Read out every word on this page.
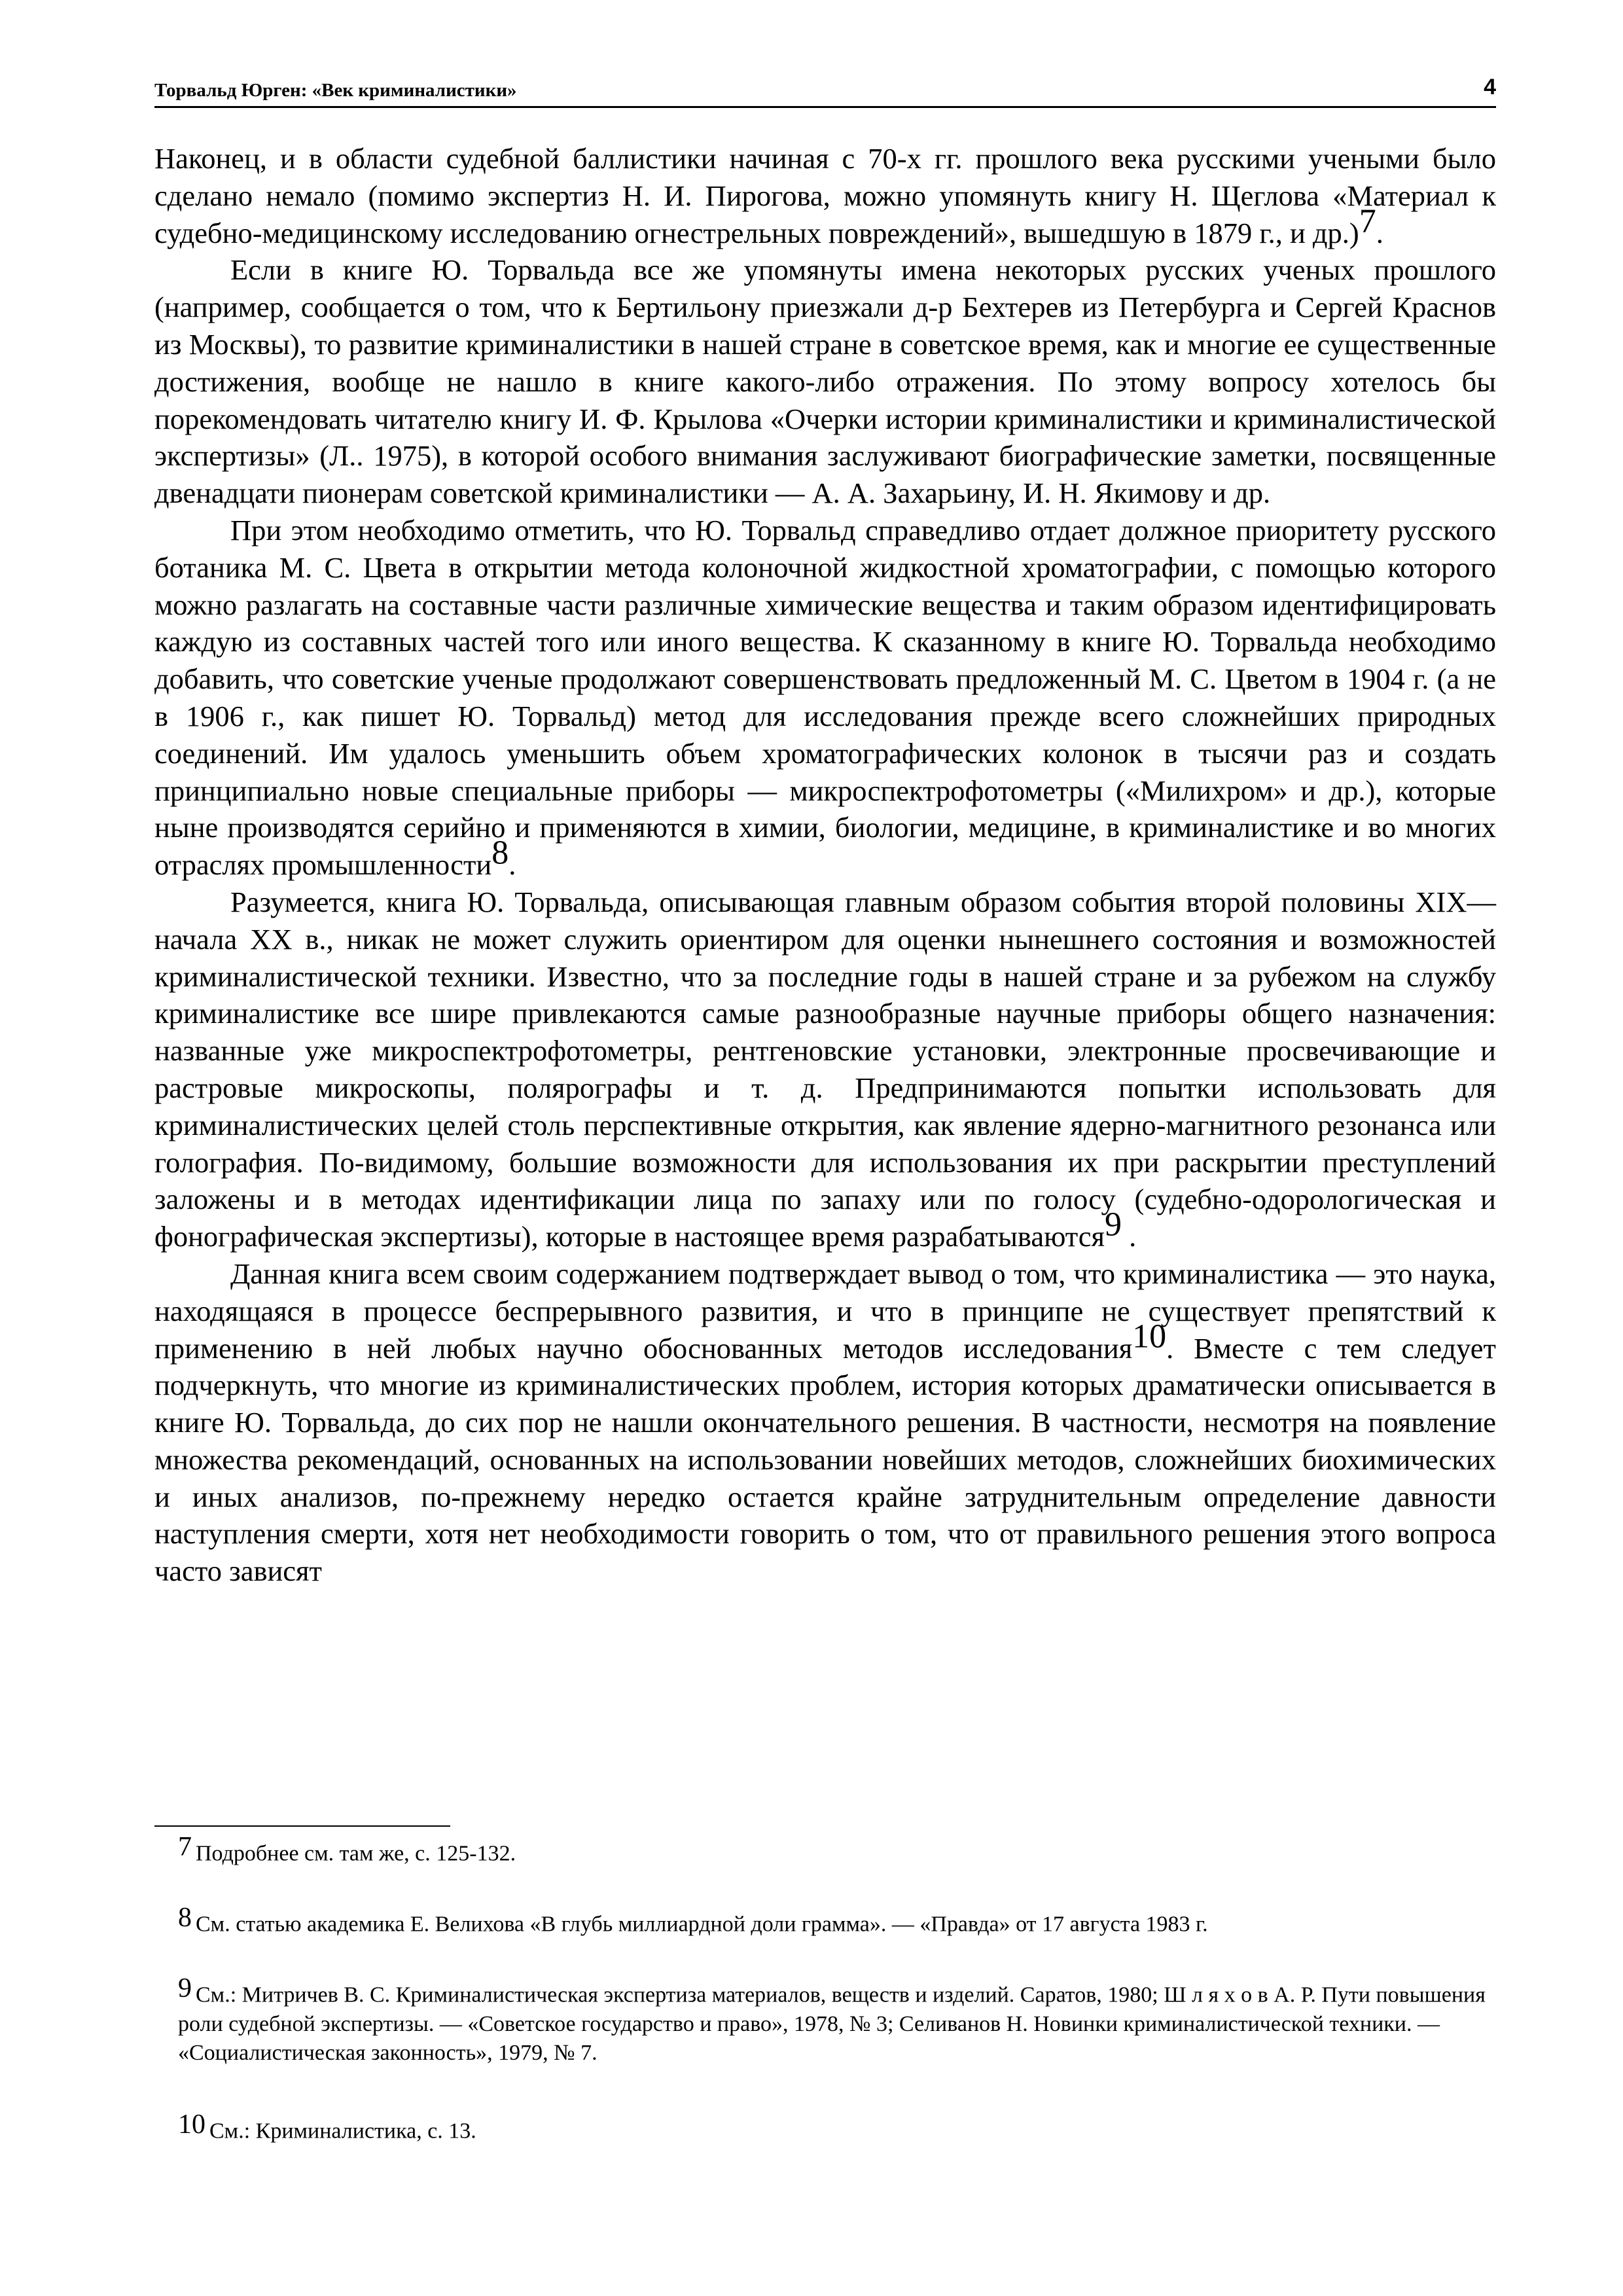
Торвальд Юрген: «Век криминалистики»	4

Наконец, и в области судебной баллистики начиная с 70-х гг. прошлого века русскими учеными было сделано немало (помимо экспертиз Н. И. Пирогова, можно упомянуть книгу Н. Щеглова «Материал к судебно-медицинскому исследованию огнестрельных повреждений», вышедшую в 1879 г., и др.)$^7$.

Если в книге Ю. Торвальда все же упомянуты имена некоторых русских ученых прошлого (например, сообщается о том, что к Бертильону приезжали д-р Бехтерев из Петербурга и Сергей Краснов из Москвы), то развитие криминалистики в нашей стране в советское время, как и многие ее существенные достижения, вообще не нашло в книге какого-либо отражения. По этому вопросу хотелось бы порекомендовать читателю книгу И. Ф. Крылова «Очерки истории криминалистики и криминалистической экспертизы» (Л.. 1975), в которой особого внимания заслуживают биографические заметки, посвященные двенадцати пионерам советской криминалистики — А. А. Захарьину, И. Н. Якимову и др.

При этом необходимо отметить, что Ю. Торвальд справедливо отдает должное приоритету русского ботаника М. С. Цвета в открытии метода колоночной жидкостной хроматографии, с помощью которого можно разлагать на составные части различные химические вещества и таким образом идентифицировать каждую из составных частей того или иного вещества. К сказанному в книге Ю. Торвальда необходимо добавить, что советские ученые продолжают совершенствовать предложенный М. С. Цветом в 1904 г. (а не в 1906 г., как пишет Ю. Торвальд) метод для исследования прежде всего сложнейших природных соединений. Им удалось уменьшить объем хроматографических колонок в тысячи раз и создать принципиально новые специальные приборы — микроспектрофотометры («Милихром» и др.), которые ныне производятся серийно и применяются в химии, биологии, медицине, в криминалистике и во многих отраслях промышленности$^8$.

Разумеется, книга Ю. Торвальда, описывающая главным образом события второй половины XIX—начала XX в., никак не может служить ориентиром для оценки нынешнего состояния и возможностей криминалистической техники. Известно, что за последние годы в нашей стране и за рубежом на службу криминалистике все шире привлекаются самые разнообразные научные приборы общего назначения: названные уже микроспектрофотометры, рентгеновские установки, электронные просвечивающие и растровые микроскопы, полярографы и т. д. Предпринимаются попытки использовать для криминалистических целей столь перспективные открытия, как явление ядерно-магнитного резонанса или голография. По-видимому, большие возможности для использования их при раскрытии преступлений заложены и в методах идентификации лица по запаху или по голосу (судебно-одорологическая и фонографическая экспертизы), которые в настоящее время разрабатываются$^9$ .

Данная книга всем своим содержанием подтверждает вывод о том, что криминалистика — это наука, находящаяся в процессе беспрерывного развития, и что в принципе не существует препятствий к применению в ней любых научно обоснованных методов исследования$^{10}$. Вместе с тем следует подчеркнуть, что многие из криминалистических проблем, история которых драматически описывается в книге Ю. Торвальда, до сих пор не нашли окончательного решения. В частности, несмотря на появление множества рекомендаций, основанных на использовании новейших методов, сложнейших биохимических и иных анализов, по-прежнему нередко остается крайне затруднительным определение давности наступления смерти, хотя нет необходимости говорить о том, что от правильного решения этого вопроса часто зависят

7 Подробнее см. там же, с. 125-132.
8 См. статью академика Е. Велихова «В глубь миллиардной доли грамма». — «Правда» от 17 августа 1983 г.
9 См.: Митричев В. С. Криминалистическая экспертиза материалов, веществ и изделий. Саратов, 1980; Ш л я х о в А. Р. Пути повышения роли судебной экспертизы. — «Советское государство и право», 1978, № 3; Селиванов Н. Новинки криминалистической техники. — «Социалистическая законность», 1979, № 7.
10 См.: Криминалистика, с. 13.
